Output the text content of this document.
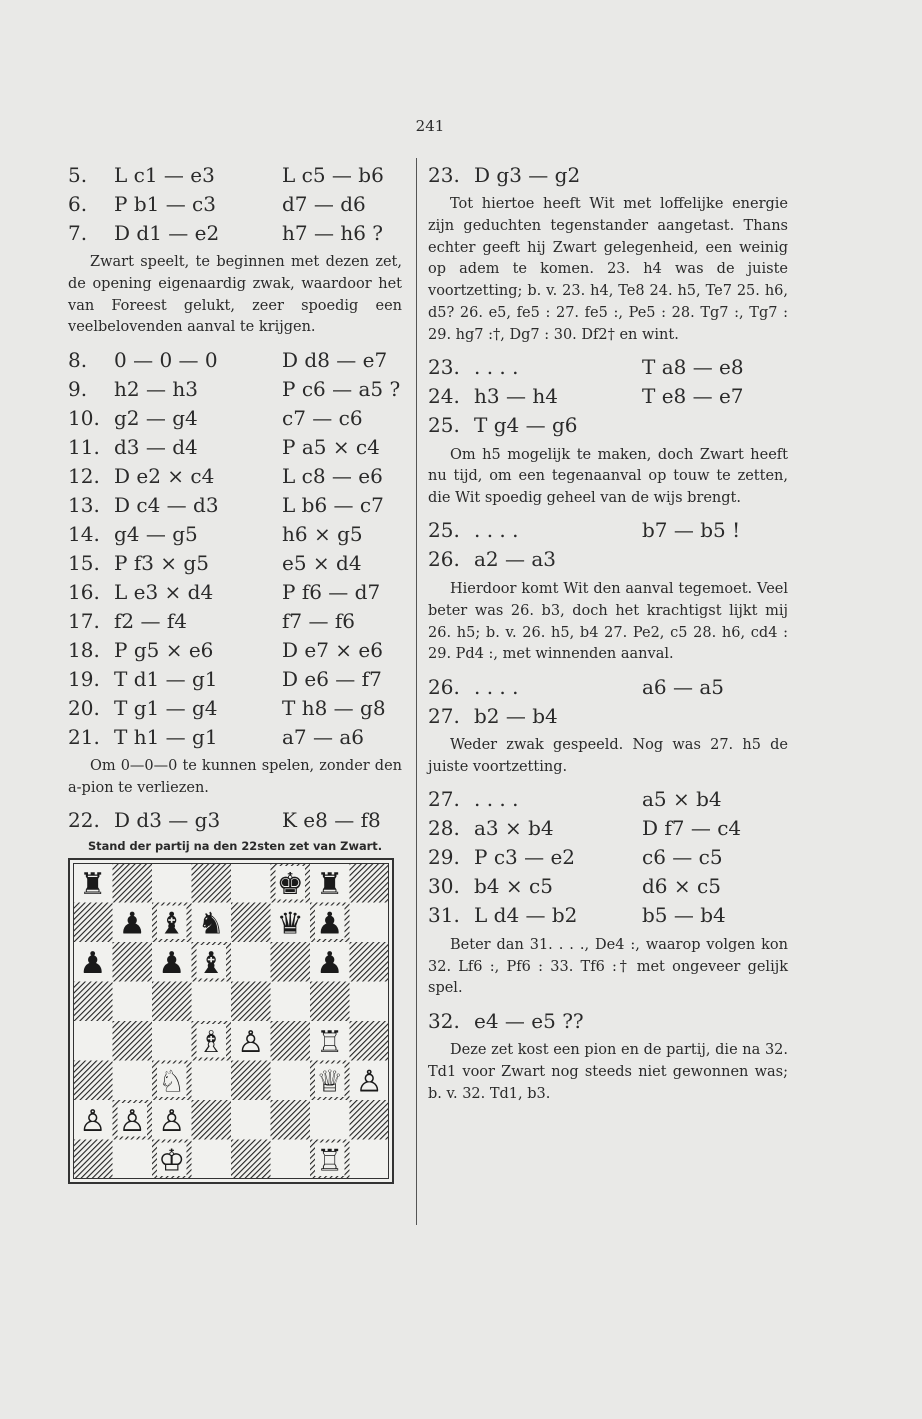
241
5.	L c1 — e3	L c5 — b6
6.	P b1 — c3	d7 — d6
7.	D d1 — e2	h7 — h6 ?

Zwart speelt, te beginnen met dezen zet, de opening eigenaardig zwak, waardoor het van Foreest gelukt, zeer spoedig een veelbelovenden aanval te krijgen.

8.	0 — 0 — 0	D d8 — e7
9.	h2 — h3	P c6 — a5 ?
10. g2 — g4	c7 — c6
11. d3 — d4	P a5 × c4
12. D e2 × c4	L c8 — e6
13. D c4 — d3	L b6 — c7
14. g4 — g5	h6 × g5
15. P f3 × g5	e5 × d4
16. L e3 × d4	P f6 — d7
17. f2 — f4	f7 — f6
18. P g5 × e6	D e7 × e6
19. T d1 — g1	D e6 — f7
20. T g1 — g4	T h8 — g8
21. T h1 — g1	a7 — a6

Om 0—0—0 te kunnen spelen, zonder den a-pion te verliezen.

22. D d3 — g3	K e8 — f8
Stand der partij na den 22sten zet van Zwart.
♜	♚ ♜
♟ ♝ ♞ ♛ ♟
♟ ♟ ♝	♟
♗ ♙ ♖
♘	♕ ♙
♙ ♙ ♙
♔	♖
23. D g3 — g2

Tot hiertoe heeft Wit met loffelijke energie zijn geduchten tegenstander aangetast. Thans echter geeft hij Zwart gelegenheid, een weinig op adem te komen. 23. h4 was de juiste voortzetting; b. v. 23. h4, Te8 24. h5, Te7 25. h6, d5? 26. e5, fe5 : 27. fe5 :, Pe5 : 28. Tg7 :, Tg7 : 29. hg7 :†, Dg7 : 30. Df2† en wint.

23. . . . .	T a8 — e8
24. h3 — h4	T e8 — e7
25. T g4 — g6

Om h5 mogelijk te maken, doch Zwart heeft nu tijd, om een tegenaanval op touw te zetten, die Wit spoedig geheel van de wijs brengt.

25. . . . .	b7 — b5 !
26. a2 — a3

Hierdoor komt Wit den aanval tegemoet. Veel beter was 26. b3, doch het krachtigst lijkt mij 26. h5; b. v. 26. h5, b4 27. Pe2, c5 28. h6, cd4 : 29. Pd4 :, met winnenden aanval.

26. . . . .	a6 — a5
27. b2 — b4

Weder zwak gespeeld. Nog was 27. h5 de juiste voortzetting.

27. . . . .	a5 × b4
28. a3 × b4	D f7 — c4
29. P c3 — e2	c6 — c5
30. b4 × c5	d6 × c5
31. L d4 — b2	b5 — b4

Beter dan 31. . . ., De4 :, waarop volgen kon 32. Lf6 :, Pf6 : 33. Tf6 :† met ongeveer gelijk spel.

32. e4 — e5 ??

Deze zet kost een pion en de partij, die na 32. Td1 voor Zwart nog steeds niet gewonnen was; b. v. 32. Td1, b3.
